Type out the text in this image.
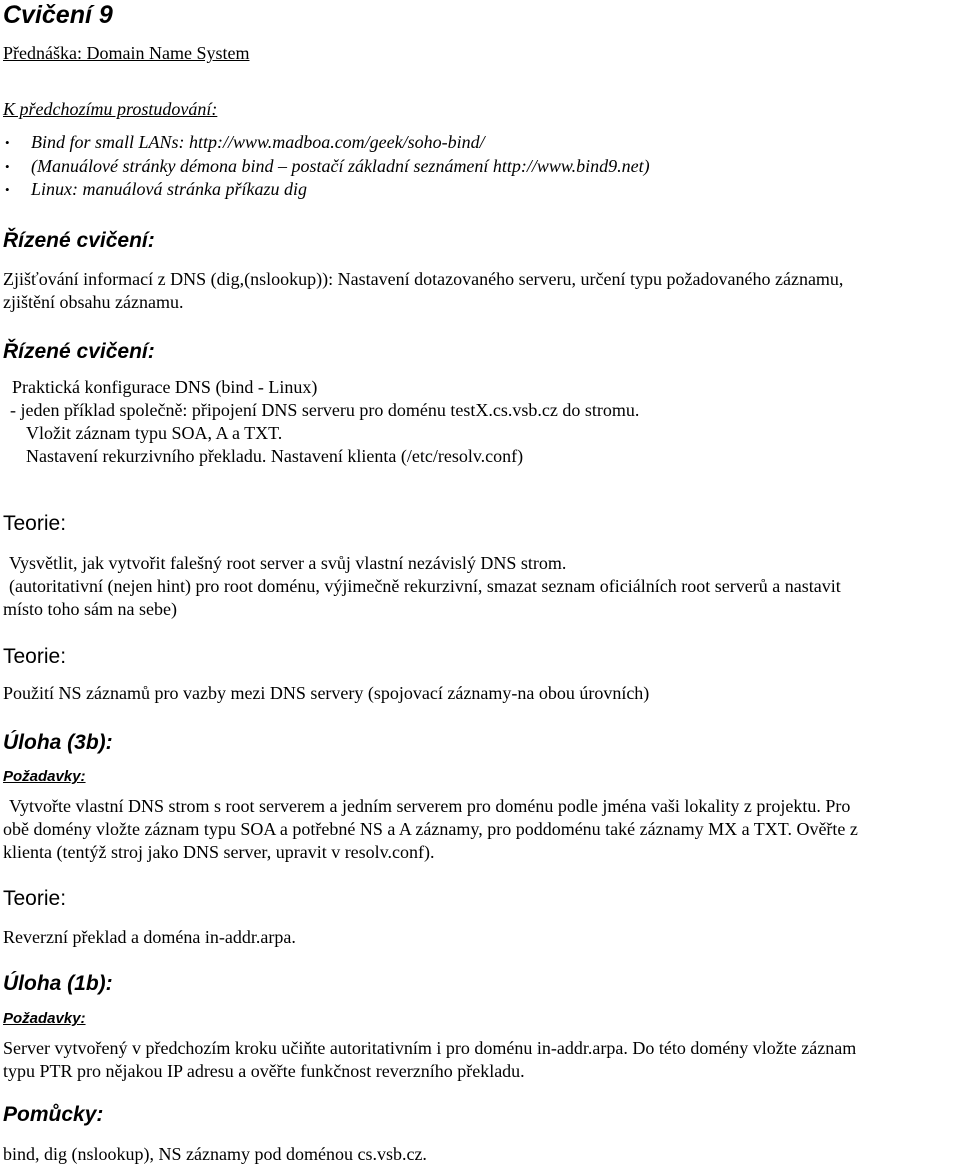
Cvičení 9
Přednáška: Domain Name System
K předchozímu prostudování:
• Bind for small LANs: http://www.madboa.com/geek/soho-bind/
• (Manuálové stránky démona bind – postačí základní seznámení http://www.bind9.net)
• Linux: manuálová stránka příkazu dig
Řízené cvičení:
Zjišťování informací z DNS (dig,(nslookup)): Nastavení dotazovaného serveru, určení typu požadovaného záznamu,
zjištění obsahu záznamu.
Řízené cvičení:
Praktická konfigurace DNS (bind - Linux)
- jeden příklad společně: připojení DNS serveru pro doménu testX.cs.vsb.cz do stromu.
Vložit záznam typu SOA, A a TXT.
Nastavení rekurzivního překladu. Nastavení klienta (/etc/resolv.conf)
Teorie:
Vysvětlit, jak vytvořit falešný root server a svůj vlastní nezávislý DNS strom.
(autoritativní (nejen hint) pro root doménu, výjimečně rekurzivní, smazat seznam oficiálních root serverů a nastavit
místo toho sám na sebe)
Teorie:
Použití NS záznamů pro vazby mezi DNS servery (spojovací záznamy-na obou úrovních)
Úloha (3b):
Požadavky:
Vytvořte vlastní DNS strom s root serverem a jedním serverem pro doménu podle jména vaši lokality z projektu. Pro
obě domény vložte záznam typu SOA a potřebné NS a A záznamy, pro poddoménu také záznamy MX a TXT. Ověřte z
klienta (tentýž stroj jako DNS server, upravit v resolv.conf).
Teorie:
Reverzní překlad a doména in-addr.arpa.
Úloha (1b):
Požadavky:
Server vytvořený v předchozím kroku učiňte autoritativním i pro doménu in-addr.arpa. Do této domény vložte záznam
typu PTR pro nějakou IP adresu a ověřte funkčnost reverzního překladu.
Pomůcky:
bind, dig (nslookup), NS záznamy pod doménou cs.vsb.cz.
